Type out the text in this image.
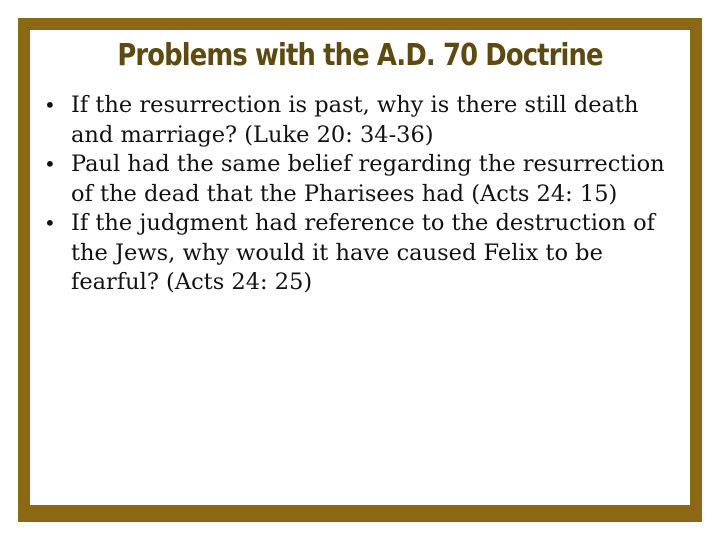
Problems with the A.D. 70 Doctrine
• If the resurrection is past, why is there still death and marriage? (Luke 20: 34-36)
• Paul had the same belief regarding the resurrection of the dead that the Pharisees had (Acts 24: 15)
• If the judgment had reference to the destruction of the Jews, why would it have caused Felix to be fearful? (Acts 24: 25)
